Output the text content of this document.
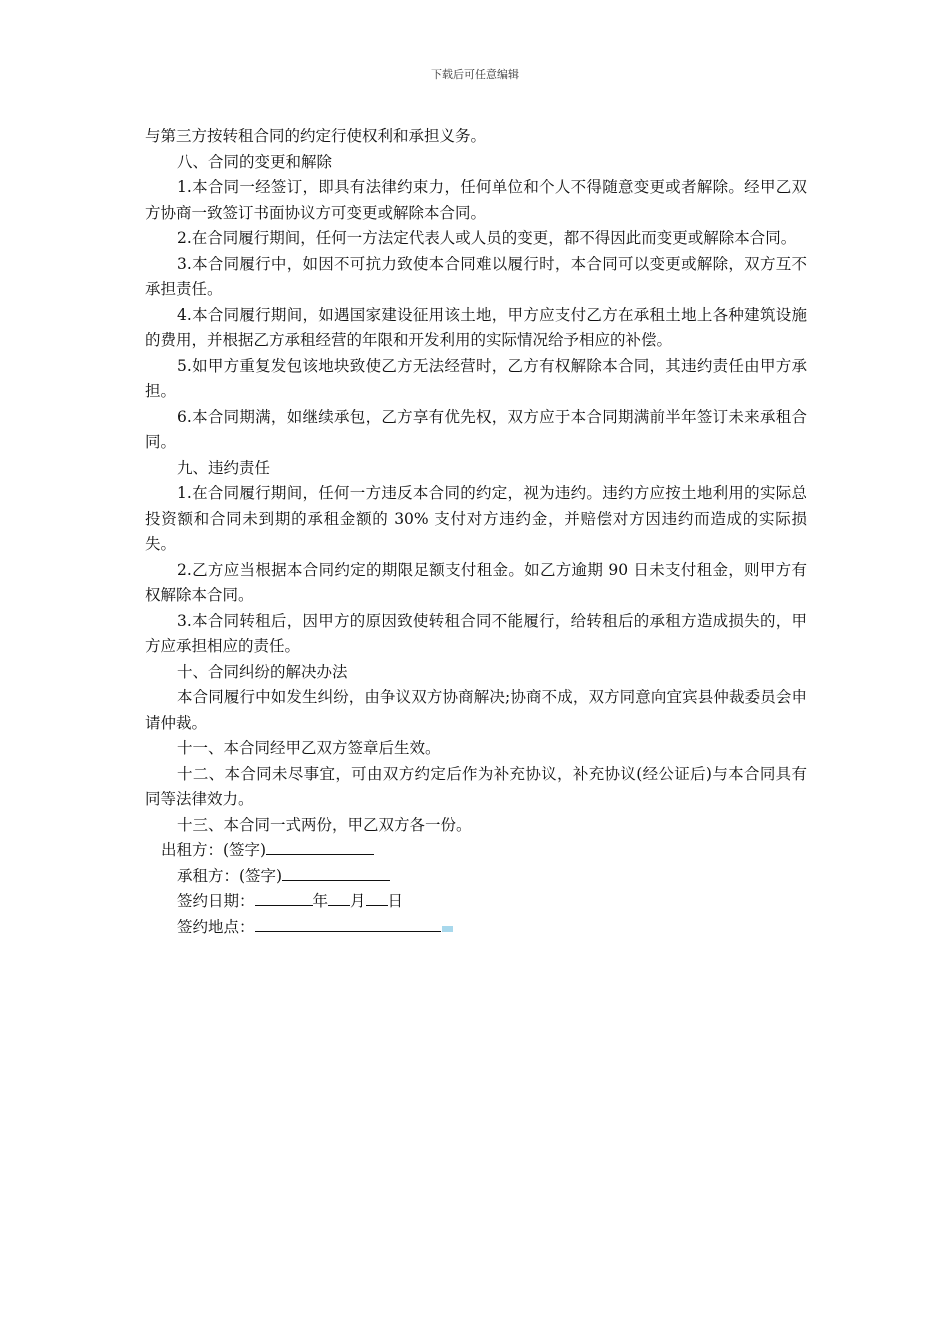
下载后可任意编辑

与第三方按转租合同的约定行使权利和承担义务。

八、合同的变更和解除

1.本合同一经签订，即具有法律约束力，任何单位和个人不得随意变更或者解除。经甲乙双方协商一致签订书面协议方可变更或解除本合同。

2.在合同履行期间，任何一方法定代表人或人员的变更，都不得因此而变更或解除本合同。

3.本合同履行中，如因不可抗力致使本合同难以履行时，本合同可以变更或解除，双方互不承担责任。

4.本合同履行期间，如遇国家建设征用该土地，甲方应支付乙方在承租土地上各种建筑设施的费用，并根据乙方承租经营的年限和开发利用的实际情况给予相应的补偿。

5.如甲方重复发包该地块致使乙方无法经营时，乙方有权解除本合同，其违约责任由甲方承担。

6.本合同期满，如继续承包，乙方享有优先权，双方应于本合同期满前半年签订未来承租合同。

九、违约责任

1.在合同履行期间，任何一方违反本合同的约定，视为违约。违约方应按土地利用的实际总投资额和合同未到期的承租金额的 30% 支付对方违约金，并赔偿对方因违约而造成的实际损失。

2.乙方应当根据本合同约定的期限足额支付租金。如乙方逾期 90 日未支付租金，则甲方有权解除本合同。

3.本合同转租后，因甲方的原因致使转租合同不能履行，给转租后的承租方造成损失的，甲方应承担相应的责任。

十、合同纠纷的解决办法

本合同履行中如发生纠纷，由争议双方协商解决;协商不成，双方同意向宜宾县仲裁委员会申请仲裁。

十一、本合同经甲乙双方签章后生效。

十二、本合同未尽事宜，可由双方约定后作为补充协议，补充协议(经公证后)与本合同具有同等法律效力。

十三、本合同一式两份，甲乙双方各一份。

出租方：(签字)
承租方：(签字)
签约日期：	年 月 日
签约地点：
